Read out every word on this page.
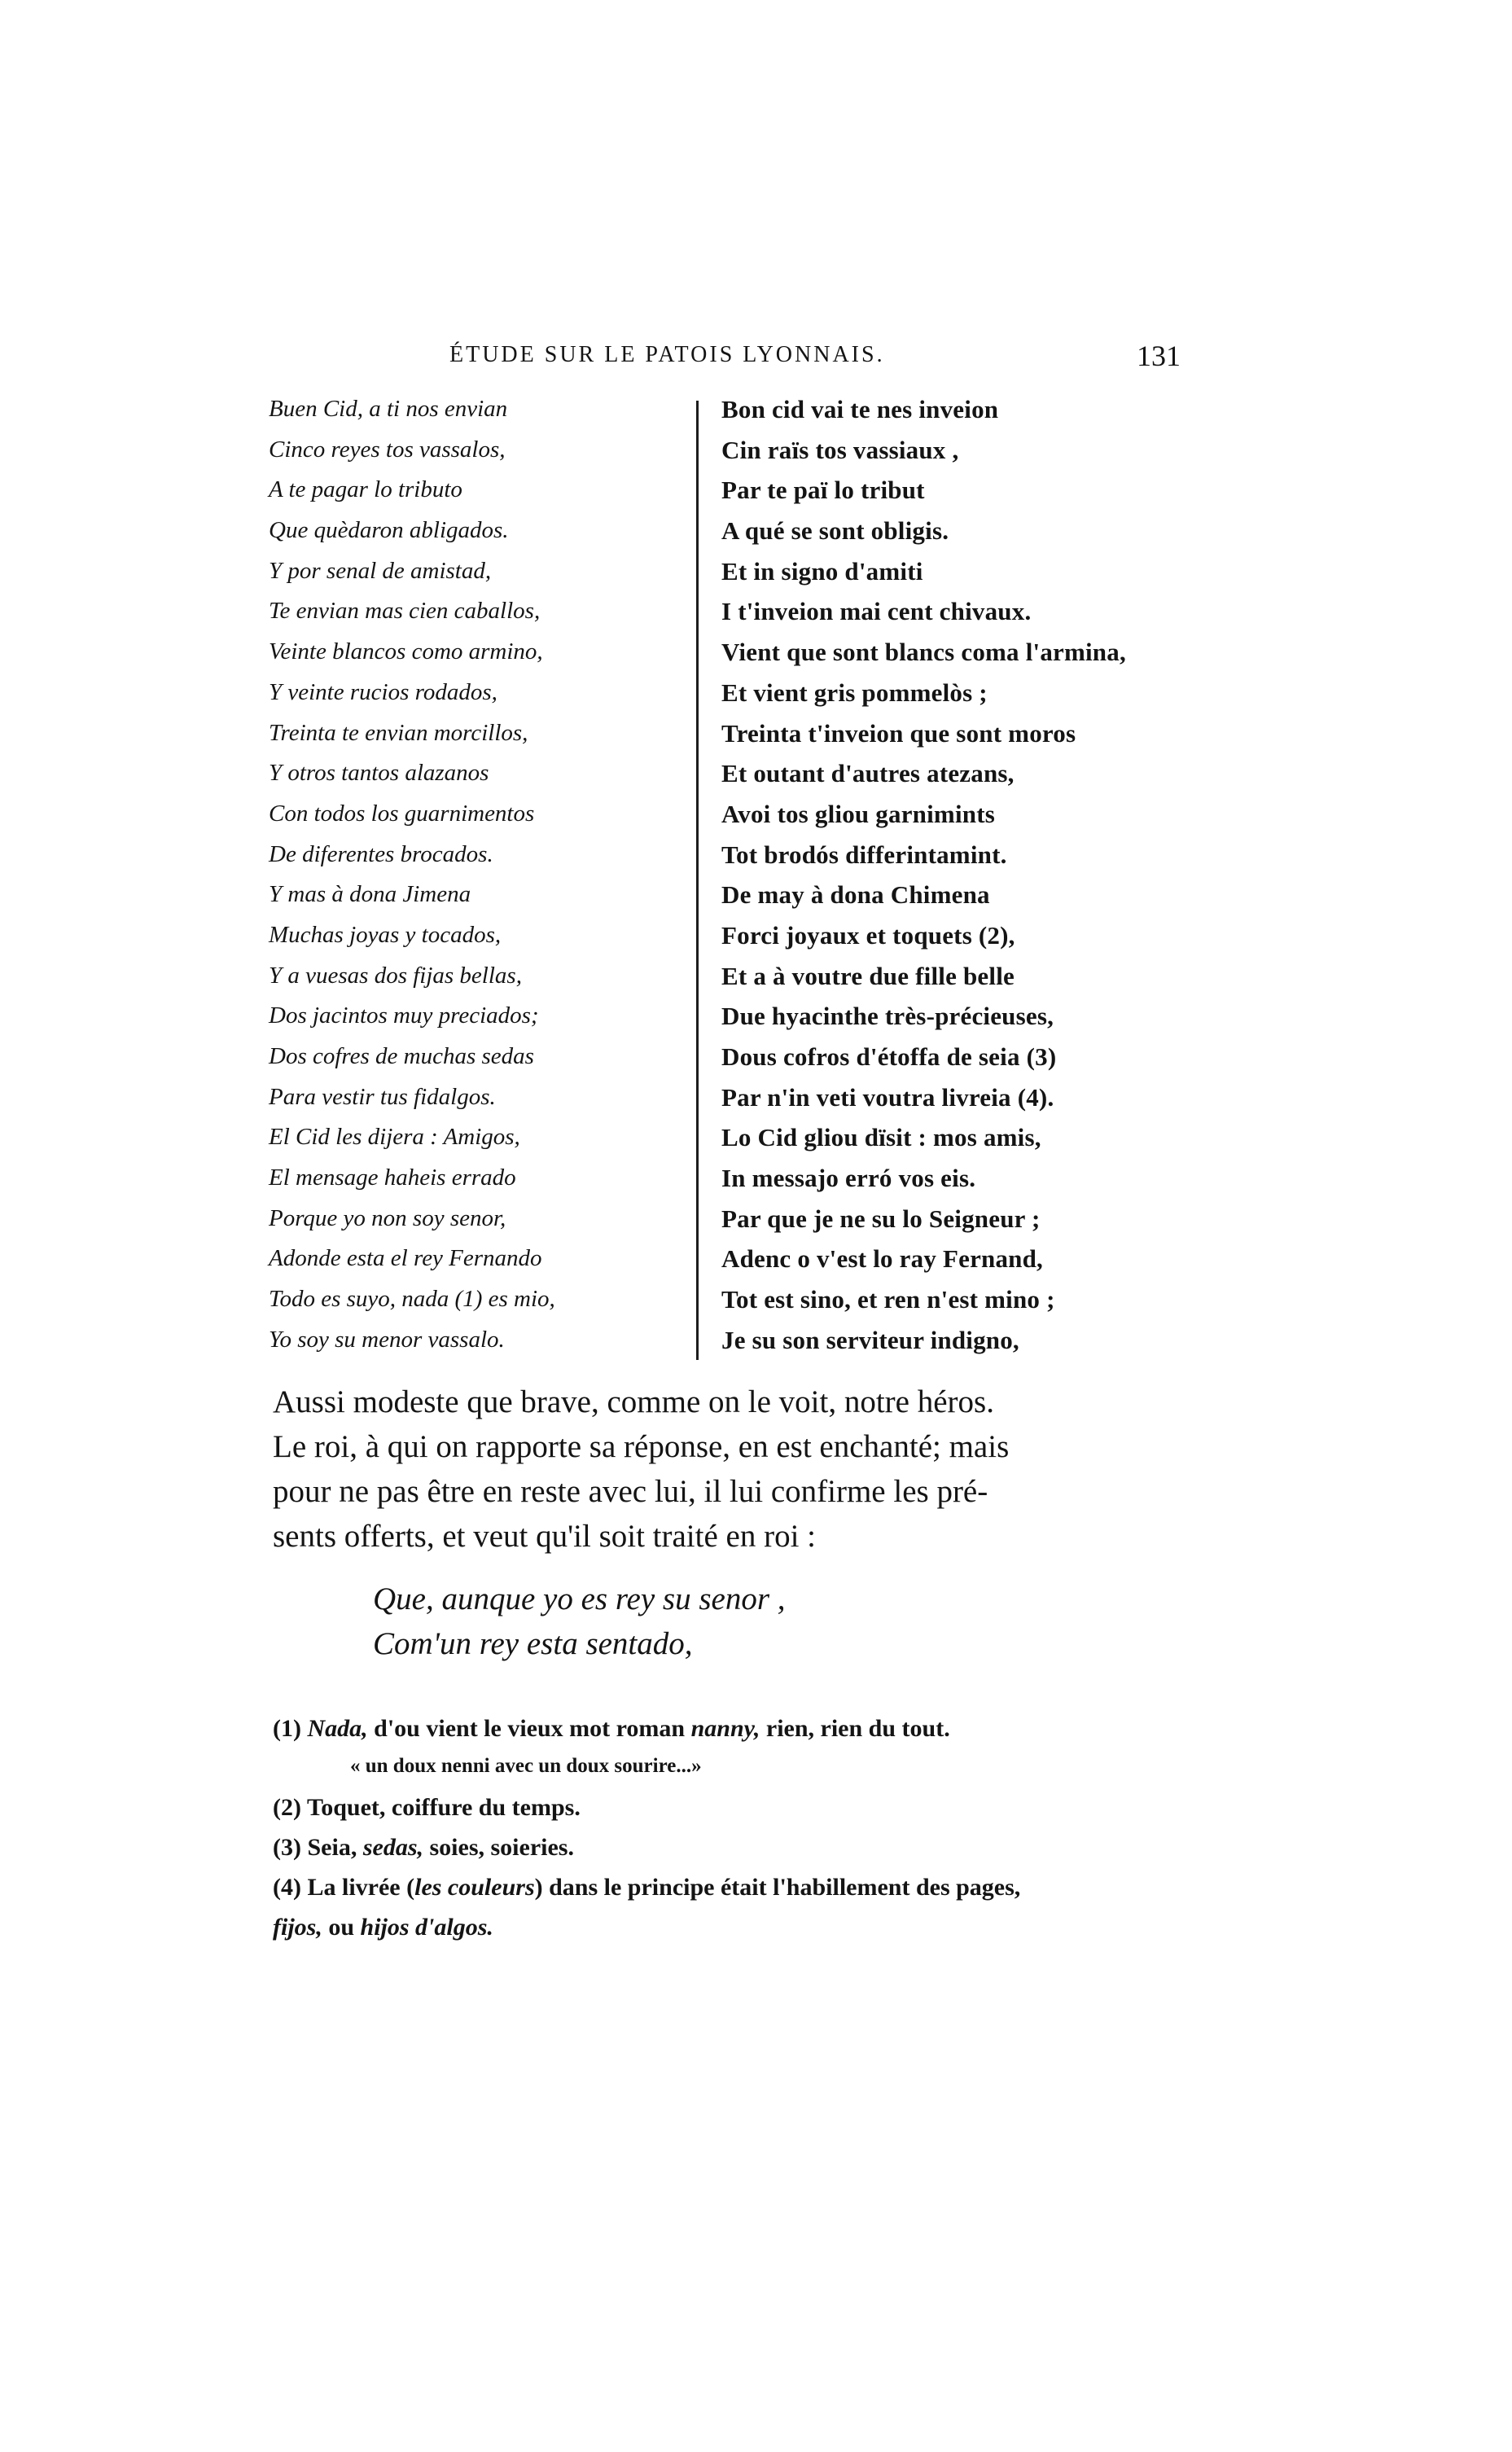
ÉTUDE SUR LE PATOIS LYONNAIS.	131
Buen Cid, a ti nos envian
Cinco reyes tos vassalos,
A te pagar lo tributo
Que quèdaron abligados.
Y por senal de amistad,
Te envian mas cien caballos,
Veinte blancos como armino,
Y veinte rucios rodados,
Treinta te envian morcillos,
Y otros tantos alazanos
Con todos los guarnimentos
De diferentes brocados.
Y mas à dona Jimena
Muchas joyas y tocados,
Y a vuesas dos fijas bellas,
Dos jacintos muy preciados;
Dos cofres de muchas sedas
Para vestir tus fidalgos.
El Cid les dijera : Amigos,
El mensage haheis errado
Porque yo non soy senor,
Adonde esta el rey Fernando
Todo es suyo, nada (1) es mio,
Yo soy su menor vassalo.
Bon cid vai te nes inveion
Cin raïs tos vassiaux ,
Par te paï lo tribut
A qué se sont obligis.
Et in signo d'amiti
I t'inveion mai cent chivaux.
Vient que sont blancs coma l'armina,
Et vient gris pommelòs ;
Treinta t'inveion que sont moros
Et outant d'autres atezans,
Avoi tos gliou garnimints
Tot brodós differintamint.
De may à dona Chimena
Forci joyaux et toquets (2),
Et a à voutre due fille belle
Due hyacinthe très-précieuses,
Dous cofros d'étoffa de seia (3)
Par n'in veti voutra livreia (4).
Lo Cid gliou dïsit : mos amis,
In messajo erró vos eis.
Par que je ne su lo Seigneur ;
Adenc o v'est lo ray Fernand,
Tot est sino, et ren n'est mino ;
Je su son serviteur indigno,
Aussi modeste que brave, comme on le voit, notre héros.
Le roi, à qui on rapporte sa réponse, en est enchanté; mais
pour ne pas être en reste avec lui, il lui confirme les pré-
sents offerts, et veut qu'il soit traité en roi :
Que, aunque yo es rey su senor ,
Com'un rey esta sentado,
(1) Nada, d'ou vient le vieux mot roman nanny, rien, rien du tout.
« un doux nenni avec un doux sourire...»
(2) Toquet, coiffure du temps.
(3) Seia, sedas, soies, soieries.
(4) La livrée (les couleurs) dans le principe était l'habillement des pages,
fijos, ou hijos d'algos.
